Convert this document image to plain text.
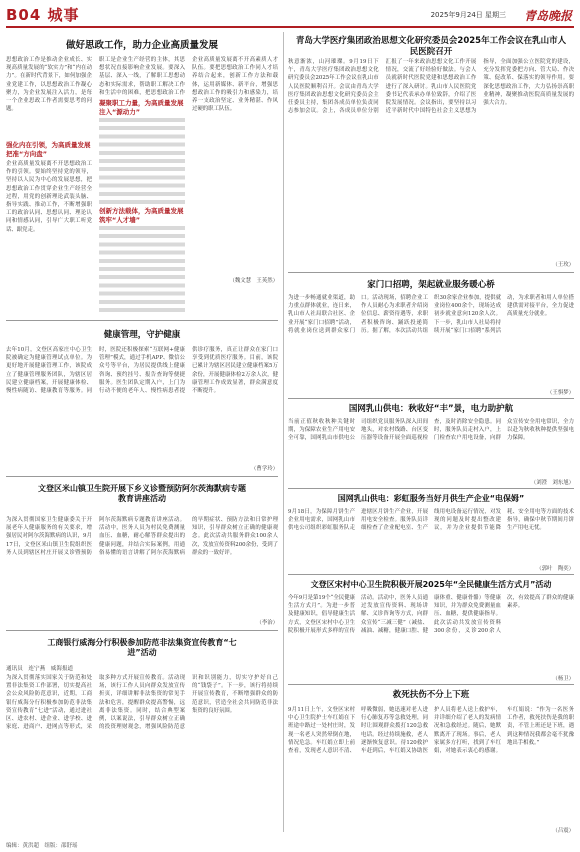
B04 城事	2025年9月24日 星期三 青岛晚报
做好思政工作，助力企业高质量发展
思想政治工作是推动企业成长、实现高质量发展的“软实力”和“内在动力”。在新时代背景下，如何加强企业党建工作，以思想政治工作凝心聚力，为企业发展注入活力，是每一个企业思政工作者需要思考的问题。
强化内在引领，为高质量发展把准“方向盘”
企业高质量发展离不开思想政治工作的引领。要始终坚持党的领导，坚持以人民为中心的发展思想，把思想政治工作贯穿企业生产经营全过程，用党的创新理论武装头脑、指导实践、推动工作，不断增强职工的政治认同、思想认同、理论认同和情感认同，引导广大职工听党话、跟党走。
职工是企业生产经营的主体，其思想状况直接影响企业发展。要深入基层、深入一线，了解职工思想动态和实际需求，帮助职工解决工作和生活中的困难，把思想政治工作
凝聚职工力量，为高质量发展注入“源动力”
创新方法载体，为高质量发展筑牢“人才墙”
企业高质量发展离不开高素质人才队伍。要把思想政治工作同人才培养结合起来，创新工作方法和载体，运用新媒体、新平台，增强思想政治工作的吸引力和感染力，培养一支政治坚定、业务精湛、作风过硬的职工队伍。
（魏文慧　王英然）
健康管理，守护健康
去年10月，文登区高家庄中心卫生院被确定为健康管理试点单位。为更好地开展健康管理工作，该院成立了健康管理服务团队，为辖区居民建立健康档案，开展健康体检、慢性病随访、健康教育等服务。同时，医院还积极探索“互联网+健康管理”模式，通过手机APP、微信公众号等平台，为居民提供线上健康咨询、预约挂号、报告查询等便捷服务。医生团队定期入户，上门为行动不便的老年人、慢性病患者提供诊疗服务，真正让群众在家门口享受到优质医疗服务。目前，该院已累计为辖区居民建立健康档案5万余份，开展健康体检2万余人次，健康管理工作成效显著，群众满意度不断提升。
（曹学玲）
文登区米山镇卫生院开展下乡义诊暨预防阿尔茨海默病专题教育讲座活动
为深入贯彻国家卫生健康委关于开展老年人健康服务的有关要求，增强居民对阿尔茨海默病的认识，9月17日，文登区米山镇卫生院组织医务人员到辖区村庄开展义诊暨预防阿尔茨海默病专题教育讲座活动。活动中，医务人员为村民免费测量血压、血糖，耐心解答群众提出的健康问题，并结合实际案例，用通俗易懂的语言讲解了阿尔茨海默病的早期症状、预防方法和日常护理知识，引导群众树立正确的健康观念。此次活动共服务群众100余人次，发放宣传资料200余份，受到了群众的一致好评。
（李治）
工商银行威海分行积极参加防范非法集资宣传教育“七进”活动
通讯员　连宁燕　威海报道
为深入贯彻落实国家关于防范和处置非法集资工作部署，切实提高社会公众风险防范意识，近期，工商银行威海分行积极参加防范非法集资宣传教育“七进”活动，通过进社区、进农村、进企业、进学校、进家庭、进商户、进网点等形式，采取多种方式开展宣传教育。活动现场，该行工作人员向群众发放宣传折页，详细讲解非法集资的常见手法和危害，提醒群众提高警惕，远离非法集资。同时，结合典型案例，以案说法，引导群众树立正确的投资理财观念，增强风险防范意识和识别能力，切实守护好自己的“钱袋子”。下一步，该行将持续开展宣传教育，不断增强群众的防范意识，营造全社会共同防范非法集资的良好氛围。
青岛大学医疗集团政治思想文化研究委员会2025年工作会议在乳山市人民医院召开
秋意渐浓，山河璀璨。9月19日下午，青岛大学医疗集团政治思想文化研究委员会2025年工作会议在乳山市人民医院顺利召开。会议由青岛大学医疗集团政治思想文化研究委员会主任委员主持，集团各成员单位负责同志参加会议。会上，各成员单位分别汇报了一年来政治思想文化工作开展情况，交流了好经验好做法。与会人员就新时代医院党建和思想政治工作进行了深入研讨。乳山市人民医院党委书记代表承办单位致辞，介绍了医院发展情况。会议指出，要坚持以习近平新时代中国特色社会主义思想为指导，全面加强公立医院党的建设，充分发挥党委把方向、管大局、作决策、促改革、保落实的领导作用。要深化思想政治工作，大力弘扬崇高职业精神，凝聚推动医院高质量发展的强大合力。
（王玫）
家门口招聘，架起就业服务暖心桥
为进一步畅通就业渠道，助力重点群体就业，连日来，乳山市人社局联合社区、企业开展“家门口招聘”活动，将就业岗位送到群众家门口。活动现场，招聘企业工作人员耐心为求职者介绍岗位信息、薪资待遇等，求职者积极咨询、踊跃投递简历。据了解，本次活动共组织30余家企业参加，提供就业岗位400余个，现场达成初步就业意向120余人次。下一步，乳山市人社局将持续开展“家门口招聘”系列活动，为求职者和用人单位搭建供需对接平台，全力促进高质量充分就业。
（王惧梦）
国网乳山供电：秋收好“丰”景，电力助护航
当前正值秋收秋种关键时期，为保障农业生产用电安全可靠，国网乳山市供电公司组织党员服务队深入田间地头，对农村线路、台区变压器等设备开展全面巡视检查，及时消除安全隐患。同时，服务队员走村入户，上门检查农户用电设备，向群众宣传安全用电常识，全力以赴为秋收秋种提供坚强电力保障。
（刘澄　刘东旭）
国网乳山供电：彩虹服务当好月供生产企业“电保姆”
9月18日，为保障月饼生产企业用电需求，国网乳山市供电公司组织彩虹服务队走进辖区月饼生产企业，开展用电安全检查。服务队员详细检查了企业配电室、生产线用电设备运行情况，对发现的问题及时提出整改建议，并为企业提供节能降耗、安全用电等方面的技术指导，确保中秋节期间月饼生产用电无忧。
（郭叶　陶奕）
文登区宋村中心卫生院积极开展2025年“全民健康生活方式月”活动
今年9月是第19个“全民健康生活方式月”。为进一步普及健康知识，倡导健康生活方式，文登区宋村中心卫生院积极开展形式多样的宣传活动。活动中，医务人员通过发放宣传资料、现场讲解、义诊咨询等方式，向群众宣传“三减三健”（减盐、减油、减糖，健康口腔、健康体重、健康骨骼）等健康知识，并为群众免费测量血压、血糖，提供健康指导。此次活动共发放宣传资料300余份，义诊200余人次，有效提高了群众的健康素养。
（杨卫）
救死扶伤不分上下班
9月11日上午，文登区宋村中心卫生院护士车红娟在下班途中路过一处村庄时，发现一名老人突然晕倒在地，情况危急。车红娟立即上前查看，发现老人意识不清、呼吸微弱，她迅速对老人进行心肺复苏等急救处理，同时让围观群众拨打120急救电话。经过持续施救，老人逐渐恢复意识。待120救护车赶到后，车红娟又协助医护人员将老人送上救护车，并详细介绍了老人的发病情况和急救经过。随后，她默默离开了现场。事后，老人家属多方打听，找到了车红娟，对她表示衷心的感谢。车红娟说：“作为一名医务工作者，救死扶伤是我的职责，不管上班还是下班，遇到这种情况我都会毫不犹豫地出手相救。”
（吕震）
编辑：黄洪超　组版：邵舒瑶
